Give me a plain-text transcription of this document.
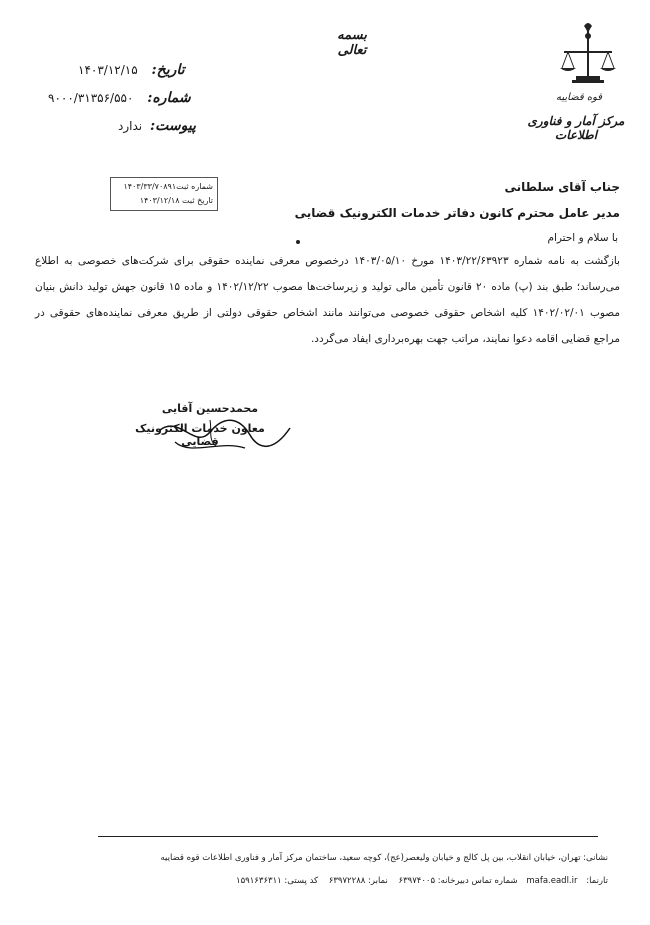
بسمه تعالی
قوه قضاییه
مرکز آمار و فناوری اطلاعات
تاریخ: ۱۴۰۳/۱۲/۱۵
شماره: ۹۰۰۰/۳۱۳۵۶/۵۵۰
پیوست: ندارد
شماره ثبت۱۴۰۳/۳۳/۷۰۸۹۱
تاریخ ثبت ۱۴۰۳/۱۲/۱۸
جناب آقای سلطانی
مدیر عامل محترم کانون دفاتر خدمات الکترونیک قضایی
با سلام و احترام
بازگشت به نامه شماره ۱۴۰۳/۲۲/۶۳۹۲۳ مورخ ۱۴۰۳/۰۵/۱۰ درخصوص معرفی نماینده حقوقی برای شرکت‌های خصوصی به اطلاع می‌رساند؛ طبق بند (پ) ماده ۲۰ قانون تأمین مالی تولید و زیرساخت‌ها مصوب ۱۴۰۲/۱۲/۲۲ و ماده ۱۵ قانون جهش تولید دانش بنیان مصوب ۱۴۰۲/۰۲/۰۱ کلیه اشخاص حقوقی خصوصی می‌توانند مانند اشخاص حقوقی دولتی از طریق معرفی نماینده‌های حقوقی در مراجع قضایی اقامه دعوا نمایند، مراتب جهت بهره‌برداری ایفاد می‌گردد.
محمدحسین آقایی
معاون خدمات الکترونیک قضایی
نشانی: تهران، خیابان انقلاب، بین پل کالج و خیابان ولیعصر(عج)، کوچه سعید، ساختمان مرکز آمار و فناوری اطلاعات قوه قضاییه
تارنما: mafa.eadl.ir شماره تماس دبیرخانه: ۶۳۹۷۴۰۰۵ نمابر: ۶۳۹۷۲۲۸۸ کد پستی: ۱۵۹۱۶۳۶۳۱۱
